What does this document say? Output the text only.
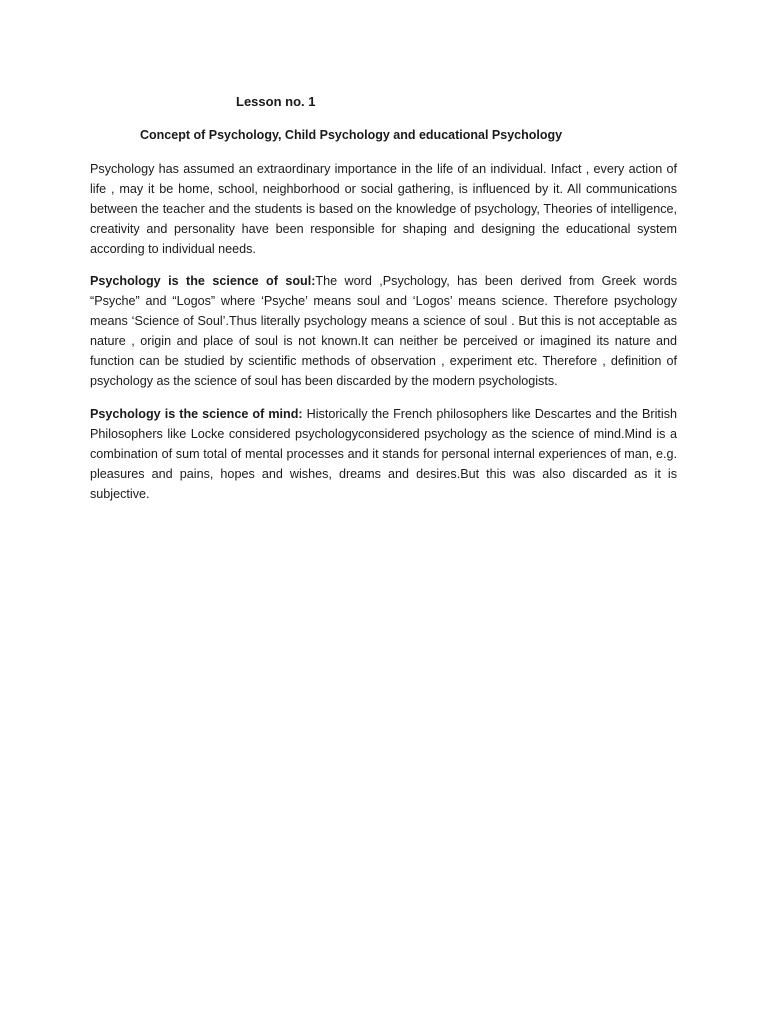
Lesson no. 1
Concept of Psychology, Child Psychology and educational Psychology

Psychology has assumed an extraordinary importance in the life of an individual. Infact , every action of life , may it be home, school, neighborhood or social gathering, is influenced by it. All communications between the teacher and the students is based on the knowledge of psychology, Theories of intelligence, creativity and personality have been responsible for shaping and designing the educational system according to individual needs.

Psychology is the science of soul:The word ,Psychology, has been derived from Greek words “Psyche” and “Logos” where ‘Psyche’ means soul and ‘Logos’ means science. Therefore psychology means ‘Science of Soul’.Thus literally psychology means a science of soul . But this is not acceptable as nature , origin and place of soul is not known.It can neither be perceived or imagined its nature and function can be studied by scientific methods of observation , experiment etc. Therefore , definition of psychology as the science of soul has been discarded by the modern psychologists.

Psychology is the science of mind: Historically the French philosophers like Descartes and the British Philosophers like Locke considered psychologyconsidered psychology as the science of mind.Mind is a combination of sum total of mental processes and it stands for personal internal experiences of man, e.g. pleasures and pains, hopes and wishes, dreams and desires.But this was also discarded as it is subjective.
